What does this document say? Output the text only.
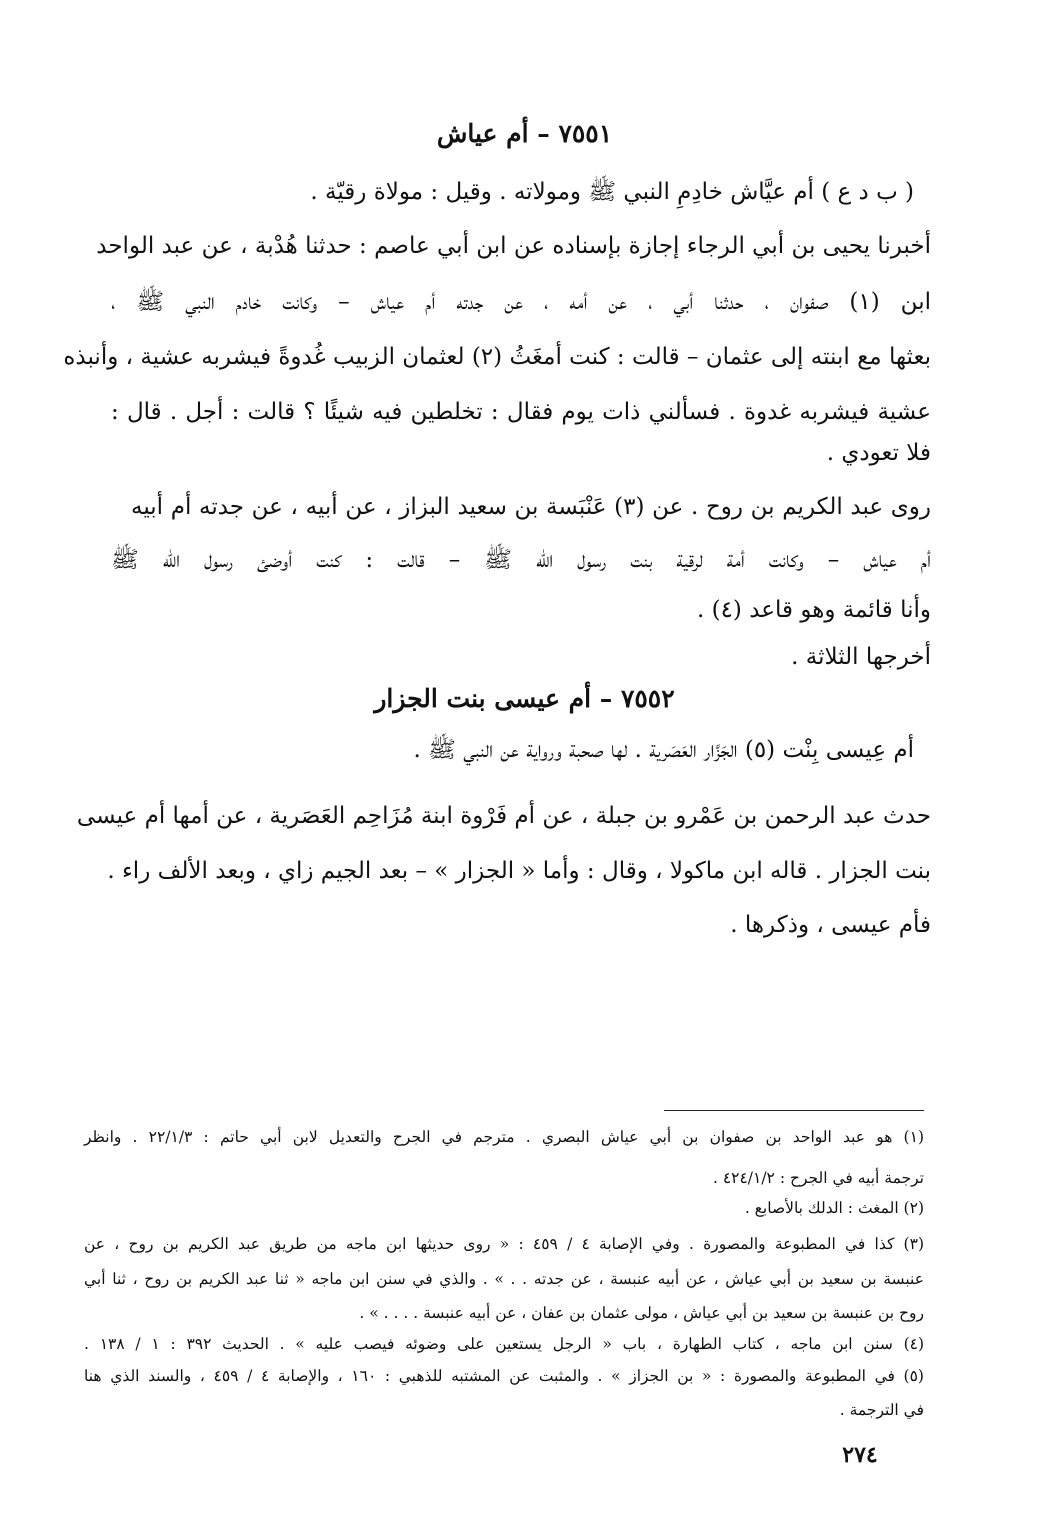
٧٥٥١ – أم عياش
( ب د ع ) أم عيَّاش خادِمِ النبي ﷺ ومولاته . وقيل : مولاة رقيّة .
أخبرنا يحيى بن أبي الرجاء إجازة بإسناده عن ابن أبي عاصم : حدثنا هُدْبة ، عن عبد الواحد
ابن (١) صفوان ، حدثنا أبي ، عن أمه ، عن جدته أم عياش – وكانت خادم النبي ﷺ ،
بعثها مع ابنته إلى عثمان – قالت : كنت أمغَثُ (٢) لعثمان الزبيب غُدوةً فيشربه عشية ، وأنبذه
عشية فيشربه غدوة . فسألني ذات يوم فقال : تخلطين فيه شيئًا ؟ قالت : أجل . قال :
فلا تعودي .
روى عبد الكريم بن روح . عن (٣) عَنْبَسة بن سعيد البزاز ، عن أبيه ، عن جدته أم أبيه
أم عياش – وكانت أمة لرقية بنت رسول الله ﷺ – قالت : كنت أوضئ رسول الله ﷺ
وأنا قائمة وهو قاعد (٤) .
أخرجها الثلاثة .
٧٥٥٢ – أم عيسى بنت الجزار
أم عِيسى بِنْت (٥) الجَزَّار العَصَرية . لها صحبة ورواية عن النبي ﷺ .
حدث عبد الرحمن بن عَمْرو بن جبلة ، عن أم فَرْوة ابنة مُزَاحِم العَصَرية ، عن أمها أم عيسى
بنت الجزار . قاله ابن ماكولا ، وقال : وأما « الجزار » – بعد الجيم زاي ، وبعد الألف راء .
فأم عيسى ، وذكرها .
(١) هو عبد الواحد بن صفوان بن أبي عياش البصري . مترجم في الجرح والتعديل لابن أبي حاتم : ٢٢/١/٣ . وانظر
ترجمة أبيه في الجرح : ٤٢٤/١/٢ .
(٢) المغث : الدلك بالأصابع .
(٣) كذا في المطبوعة والمصورة . وفي الإصابة ٤ / ٤٥٩ : « روى حديثها ابن ماجه من طريق عبد الكريم بن روح ، عن
عنبسة بن سعيد بن أبي عياش ، عن أبيه عنبسة ، عن جدته . . » . والذي في سنن ابن ماجه « ثنا عبد الكريم بن روح ، ثنا أبي
روح بن عنبسة بن سعيد بن أبي عياش ، مولى عثمان بن عفان ، عن أبيه عنبسة . . . . » .
(٤) سنن ابن ماجه ، كتاب الطهارة ، باب « الرجل يستعين على وضوئه فيصب عليه » . الحديث ٣٩٢ : ١ / ١٣٨ .
(٥) في المطبوعة والمصورة : « بن الجزاز » . والمثبت عن المشتبه للذهبي : ١٦٠ ، والإصابة ٤ / ٤٥٩ ، والسند الذي هنا
في الترجمة .
٢٧٤
